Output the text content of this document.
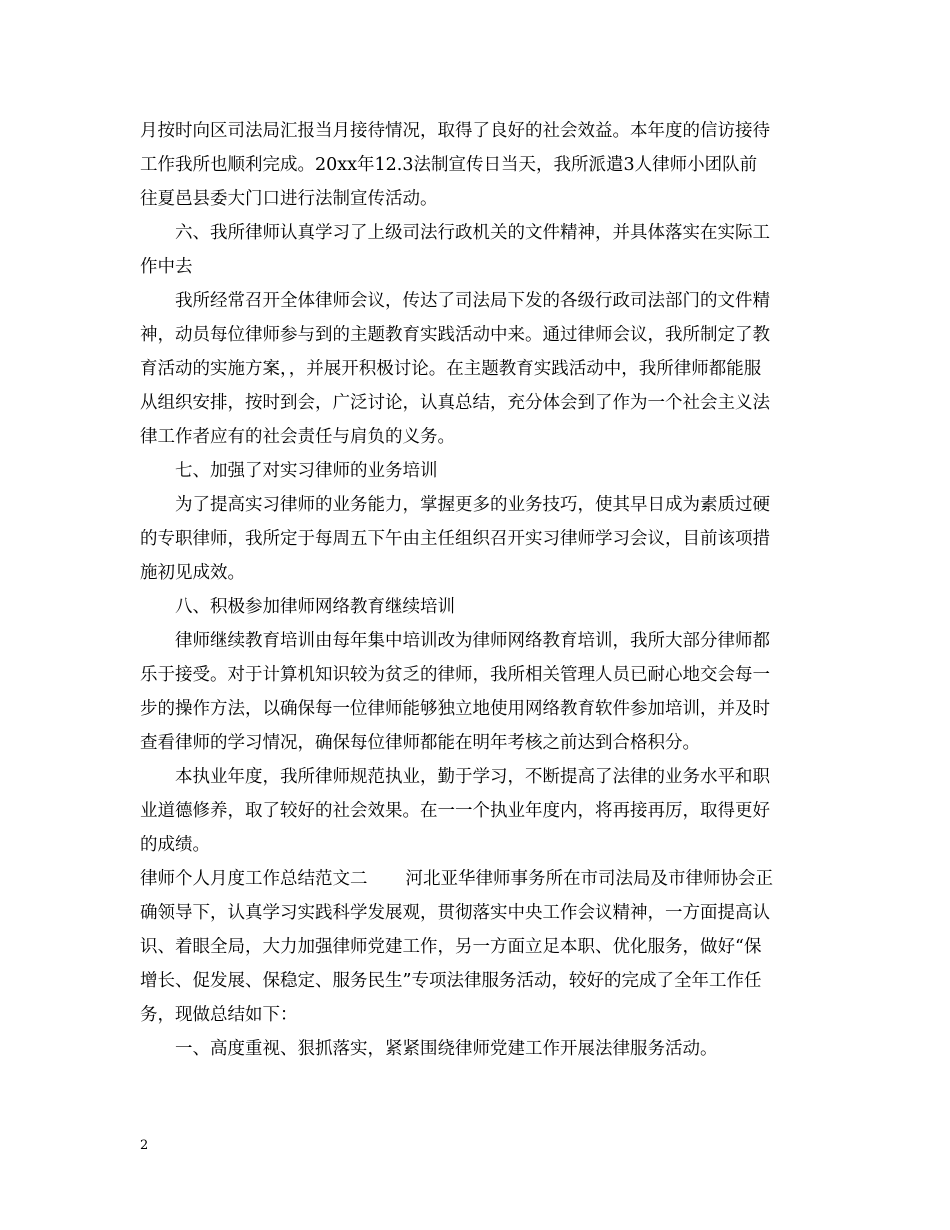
月按时向区司法局汇报当月接待情况，取得了良好的社会效益。本年度的信访接待
工作我所也顺利完成。20xx年12.3法制宣传日当天，我所派遣3人律师小团队前
往夏邑县委大门口进行法制宣传活动。
六、我所律师认真学习了上级司法行政机关的文件精神，并具体落实在实际工
作中去
我所经常召开全体律师会议，传达了司法局下发的各级行政司法部门的文件精
神，动员每位律师参与到的主题教育实践活动中来。通过律师会议，我所制定了教
育活动的实施方案，，并展开积极讨论。在主题教育实践活动中，我所律师都能服
从组织安排，按时到会，广泛讨论，认真总结，充分体会到了作为一个社会主义法
律工作者应有的社会责任与肩负的义务。
七、加强了对实习律师的业务培训
为了提高实习律师的业务能力，掌握更多的业务技巧，使其早日成为素质过硬
的专职律师，我所定于每周五下午由主任组织召开实习律师学习会议，目前该项措
施初见成效。
八、积极参加律师网络教育继续培训
律师继续教育培训由每年集中培训改为律师网络教育培训，我所大部分律师都
乐于接受。对于计算机知识较为贫乏的律师，我所相关管理人员已耐心地交会每一
步的操作方法，以确保每一位律师能够独立地使用网络教育软件参加培训，并及时
查看律师的学习情况，确保每位律师都能在明年考核之前达到合格积分。
本执业年度，我所律师规范执业，勤于学习，不断提高了法律的业务水平和职
业道德修养，取了较好的社会效果。在一一个执业年度内，将再接再厉，取得更好
的成绩。
律师个人月度工作总结范文二 河北亚华律师事务所在市司法局及市律师协会正
确领导下，认真学习实践科学发展观，贯彻落实中央工作会议精神，一方面提高认
识、着眼全局，大力加强律师党建工作，另一方面立足本职、优化服务，做好“保
增长、促发展、保稳定、服务民生”专项法律服务活动，较好的完成了全年工作任
务，现做总结如下：
一、高度重视、狠抓落实，紧紧围绕律师党建工作开展法律服务活动。
2
